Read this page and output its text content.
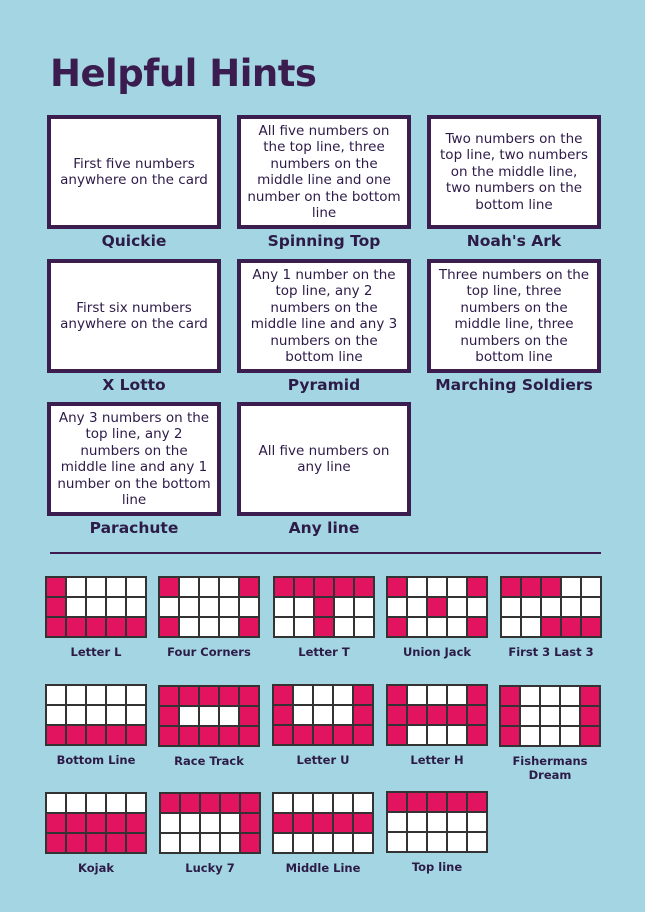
Helpful Hints
First five numbers anywhere on the card
Quickie
All five numbers on the top line, three numbers on the middle line and one number on the bottom line
Spinning Top
Two numbers on the top line, two numbers on the middle line, two numbers on the bottom line
Noah's Ark
First six numbers anywhere on the card
X Lotto
Any 1 number on the top line, any 2 numbers on the middle line and any 3 numbers on the bottom line
Pyramid
Three numbers on the top line, three numbers on the middle line, three numbers on the bottom line
Marching Soldiers
Any 3 numbers on the top line, any 2 numbers on the middle line and any 1 number on the bottom line
Parachute
All five numbers on any line
Any line
Letter L	Four Corners	Letter T	Union Jack	First 3 Last 3
Bottom Line	Race Track	Letter U	Letter H	Fishermans Dream
Kojak	Lucky 7	Middle Line	Top line
